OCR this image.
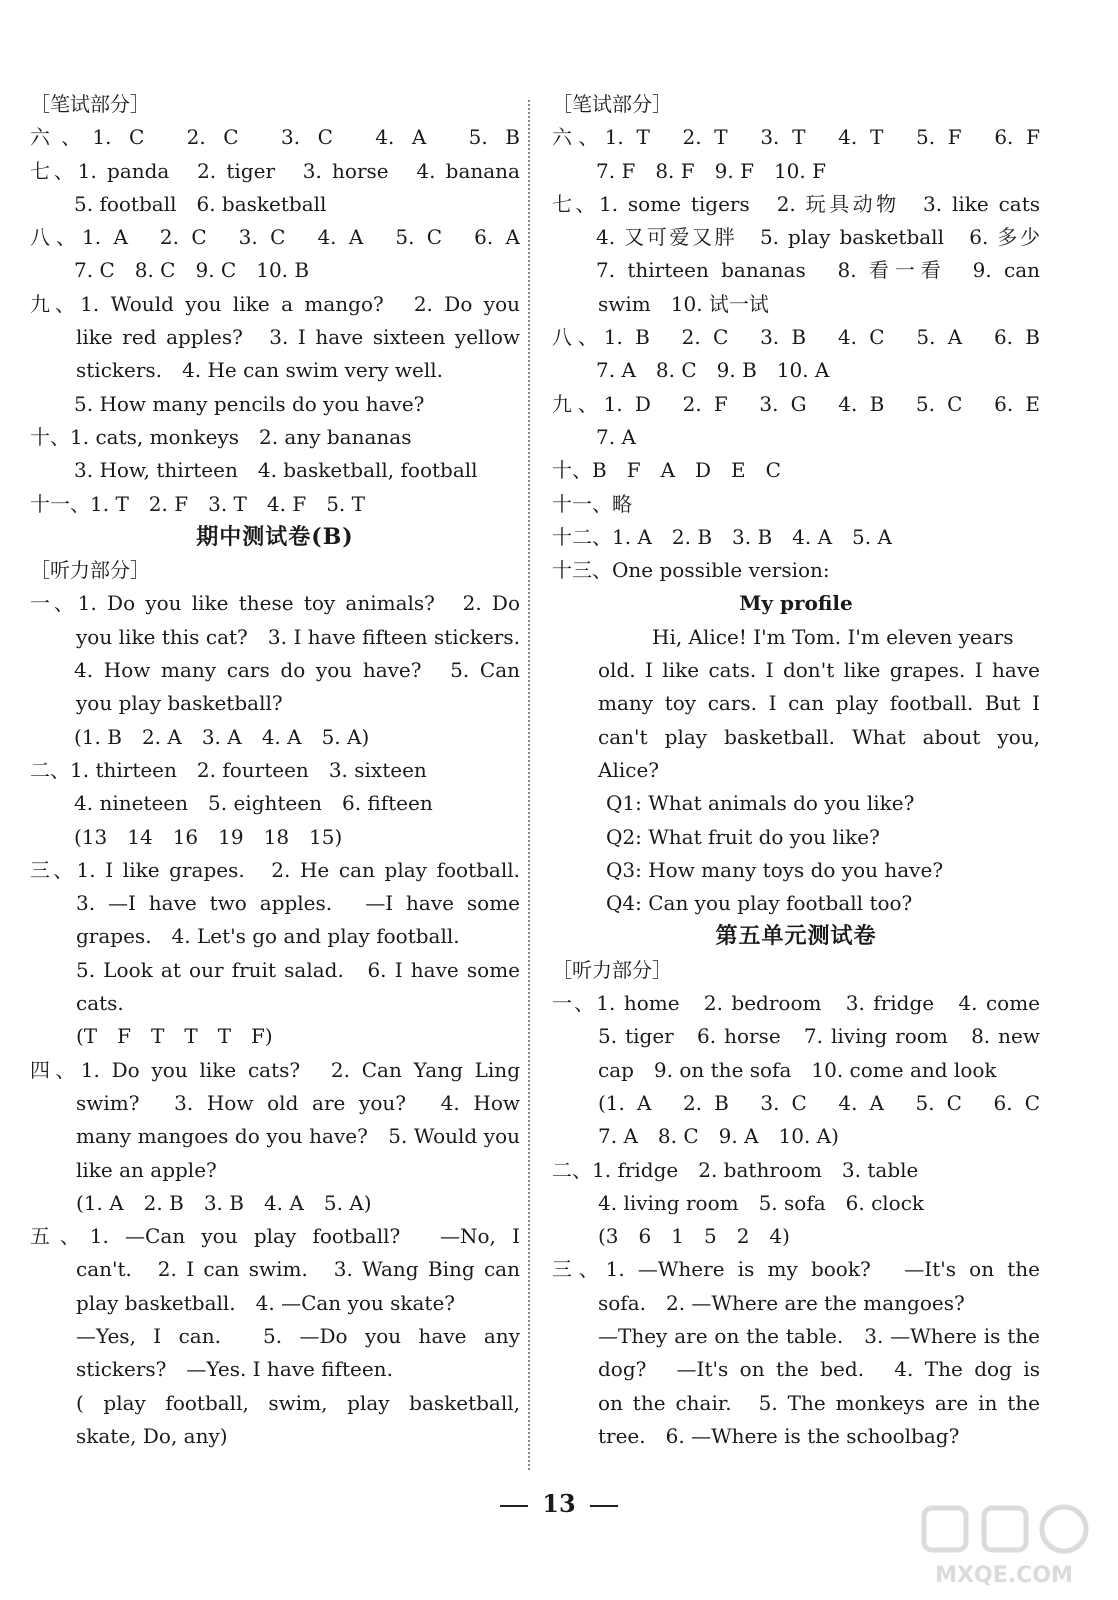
［笔试部分］
六、1. C　2. C　3. C　4. A　5. B
七、1. panda　2. tiger　3. horse　4. banana
5. football　6. basketball
八、1. A　2. C　3. C　4. A　5. C　6. A
7. C　8. C　9. C　10. B
九、1. Would you like a mango?　2. Do you
like red apples?　3. I have sixteen yellow
stickers.　4. He can swim very well.
5. How many pencils do you have?
十、1. cats, monkeys　2. any bananas
3. How, thirteen　4. basketball, football
十一、1. T　2. F　3. T　4. F　5. T
期中测试卷(B)
［听力部分］
一、1. Do you like these toy animals?　2. Do
you like this cat?　3. I have fifteen stickers.
4. How many cars do you have?　5. Can
you play basketball?
(1. B　2. A　3. A　4. A　5. A)
二、1. thirteen　2. fourteen　3. sixteen
4. nineteen　5. eighteen　6. fifteen
(13　14　16　19　18　15)
三、1. I like grapes.　2. He can play football.
3. —I have two apples.　—I have some
grapes.　4. Let's go and play football.
5. Look at our fruit salad.　6. I have some
cats.
(T　F　T　T　T　F)
四、1. Do you like cats?　2. Can Yang Ling
swim?　3. How old are you?　4. How
many mangoes do you have?　5. Would you
like an apple?
(1. A　2. B　3. B　4. A　5. A)
五、1. —Can you play football?　—No, I
can't.　2. I can swim.　3. Wang Bing can
play basketball.　4. —Can you skate?
—Yes, I can.　5. —Do you have any
stickers?　—Yes. I have fifteen.
( play football, swim, play basketball,
skate, Do, any)
［笔试部分］
六、1. T　2. T　3. T　4. T　5. F　6. F
7. F　8. F　9. F　10. F
七、1. some tigers　2. 玩具动物　3. like cats
4. 又可爱又胖　5. play basketball　6. 多少
7. thirteen bananas　8. 看一看　9. can
swim　10. 试一试
八、1. B　2. C　3. B　4. C　5. A　6. B
7. A　8. C　9. B　10. A
九、1. D　2. F　3. G　4. B　5. C　6. E
7. A
十、B　F　A　D　E　C
十一、略
十二、1. A　2. B　3. B　4. A　5. A
十三、One possible version:
My profile
Hi, Alice! I'm Tom. I'm eleven years
old. I like cats. I don't like grapes. I have
many toy cars. I can play football. But I
can't play basketball. What about you,
Alice?
Q1: What animals do you like?
Q2: What fruit do you like?
Q3: How many toys do you have?
Q4: Can you play football too?
第五单元测试卷
［听力部分］
一、1. home　2. bedroom　3. fridge　4. come
5. tiger　6. horse　7. living room　8. new
cap　9. on the sofa　10. come and look
(1. A　2. B　3. C　4. A　5. C　6. C
7. A　8. C　9. A　10. A)
二、1. fridge　2. bathroom　3. table
4. living room　5. sofa　6. clock
(3　6　1　5　2　4)
三、1. —Where is my book?　—It's on the
sofa.　2. —Where are the mangoes?
—They are on the table.　3. —Where is the
dog?　—It's on the bed.　4. The dog is
on the chair.　5. The monkeys are in the
tree.　6. —Where is the schoolbag?
13
MXQE.COM
